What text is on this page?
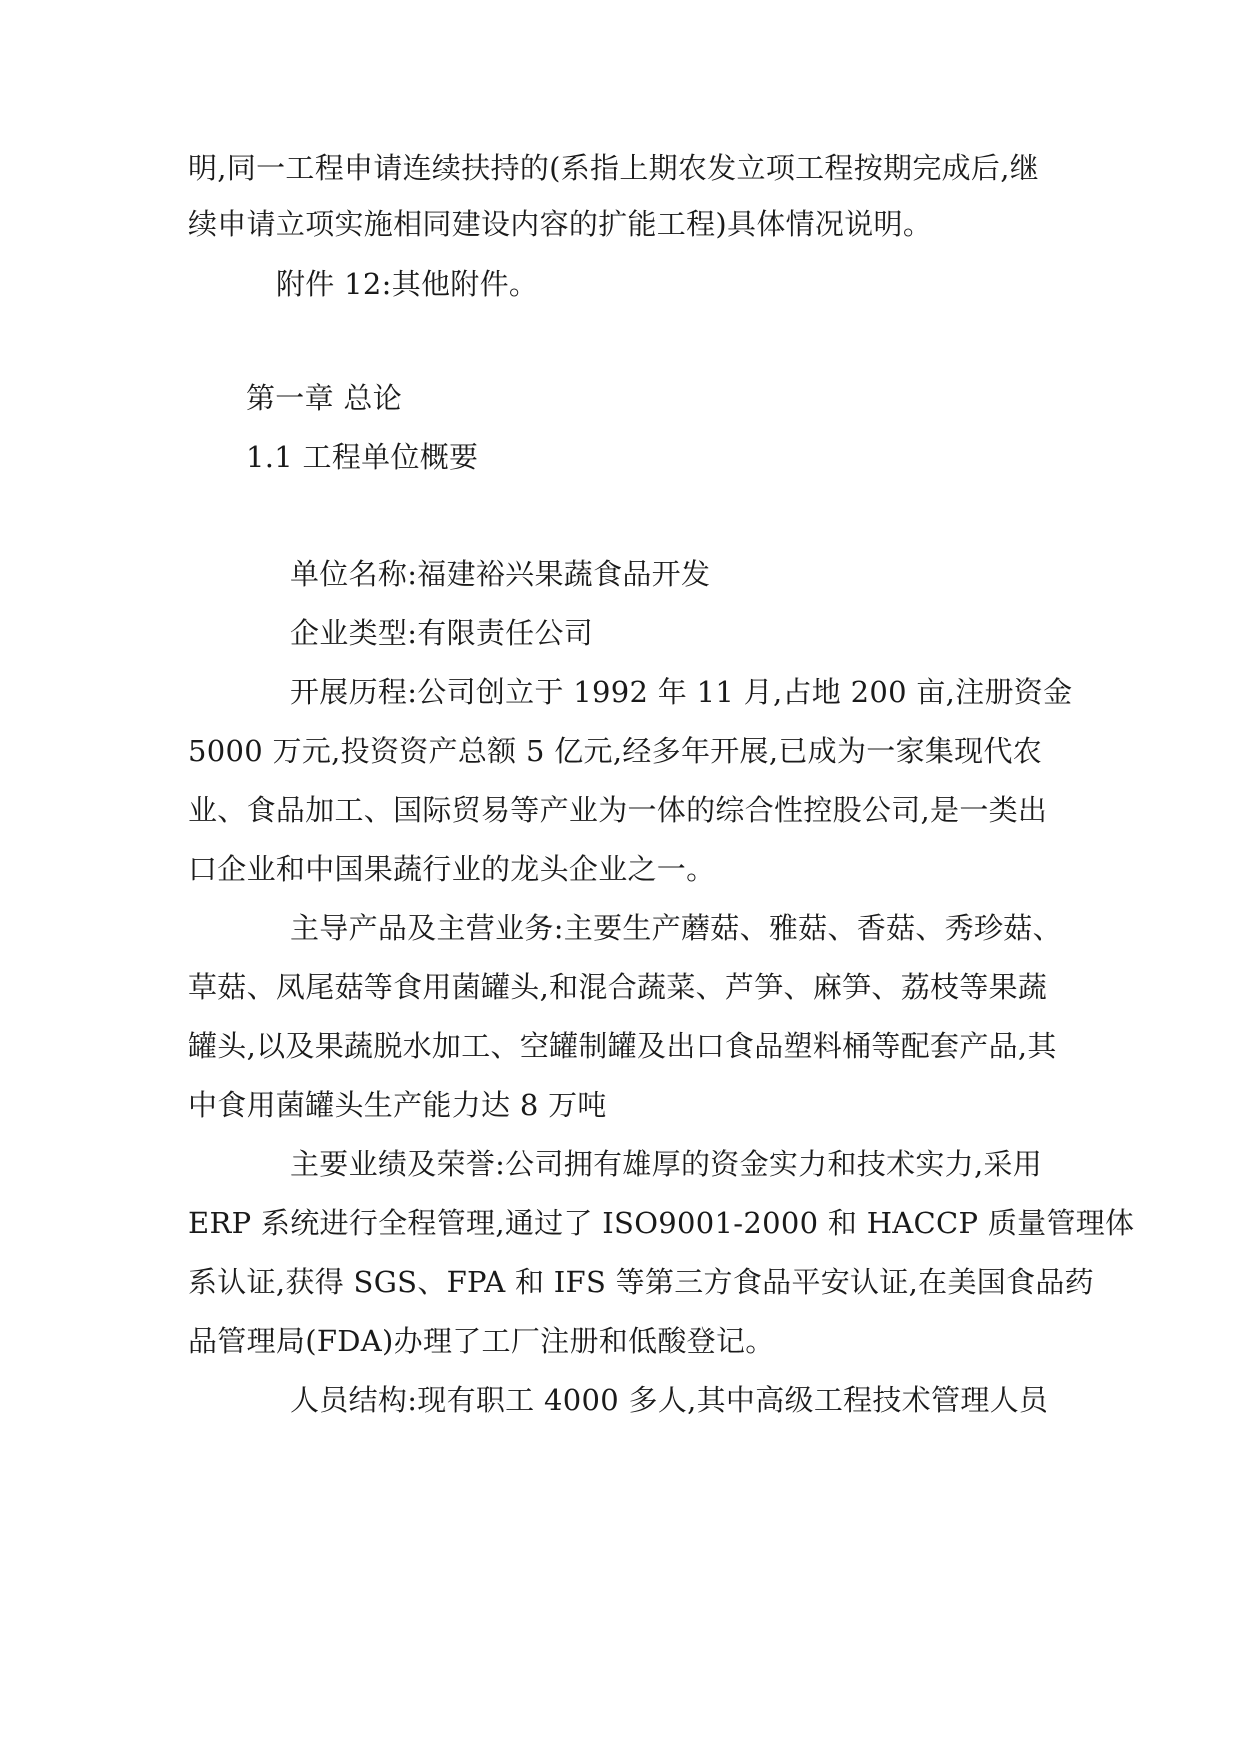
明,同一工程申请连续扶持的(系指上期农发立项工程按期完成后,继
续申请立项实施相同建设内容的扩能工程)具体情况说明。
附件 12:其他附件。
第一章 总论
1.1 工程单位概要
单位名称:福建裕兴果蔬食品开发
企业类型:有限责任公司
开展历程:公司创立于 1992 年 11 月,占地 200 亩,注册资金
5000 万元,投资资产总额 5 亿元,经多年开展,已成为一家集现代农
业、食品加工、国际贸易等产业为一体的综合性控股公司,是一类出
口企业和中国果蔬行业的龙头企业之一。
主导产品及主营业务:主要生产蘑菇、雅菇、香菇、秀珍菇、
草菇、凤尾菇等食用菌罐头,和混合蔬菜、芦笋、麻笋、荔枝等果蔬
罐头,以及果蔬脱水加工、空罐制罐及出口食品塑料桶等配套产品,其
中食用菌罐头生产能力达 8 万吨
主要业绩及荣誉:公司拥有雄厚的资金实力和技术实力,采用
ERP 系统进行全程管理,通过了 ISO9001-2000 和 HACCP 质量管理体
系认证,获得 SGS、FPA 和 IFS 等第三方食品平安认证,在美国食品药
品管理局(FDA)办理了工厂注册和低酸登记。
人员结构:现有职工 4000 多人,其中高级工程技术管理人员
